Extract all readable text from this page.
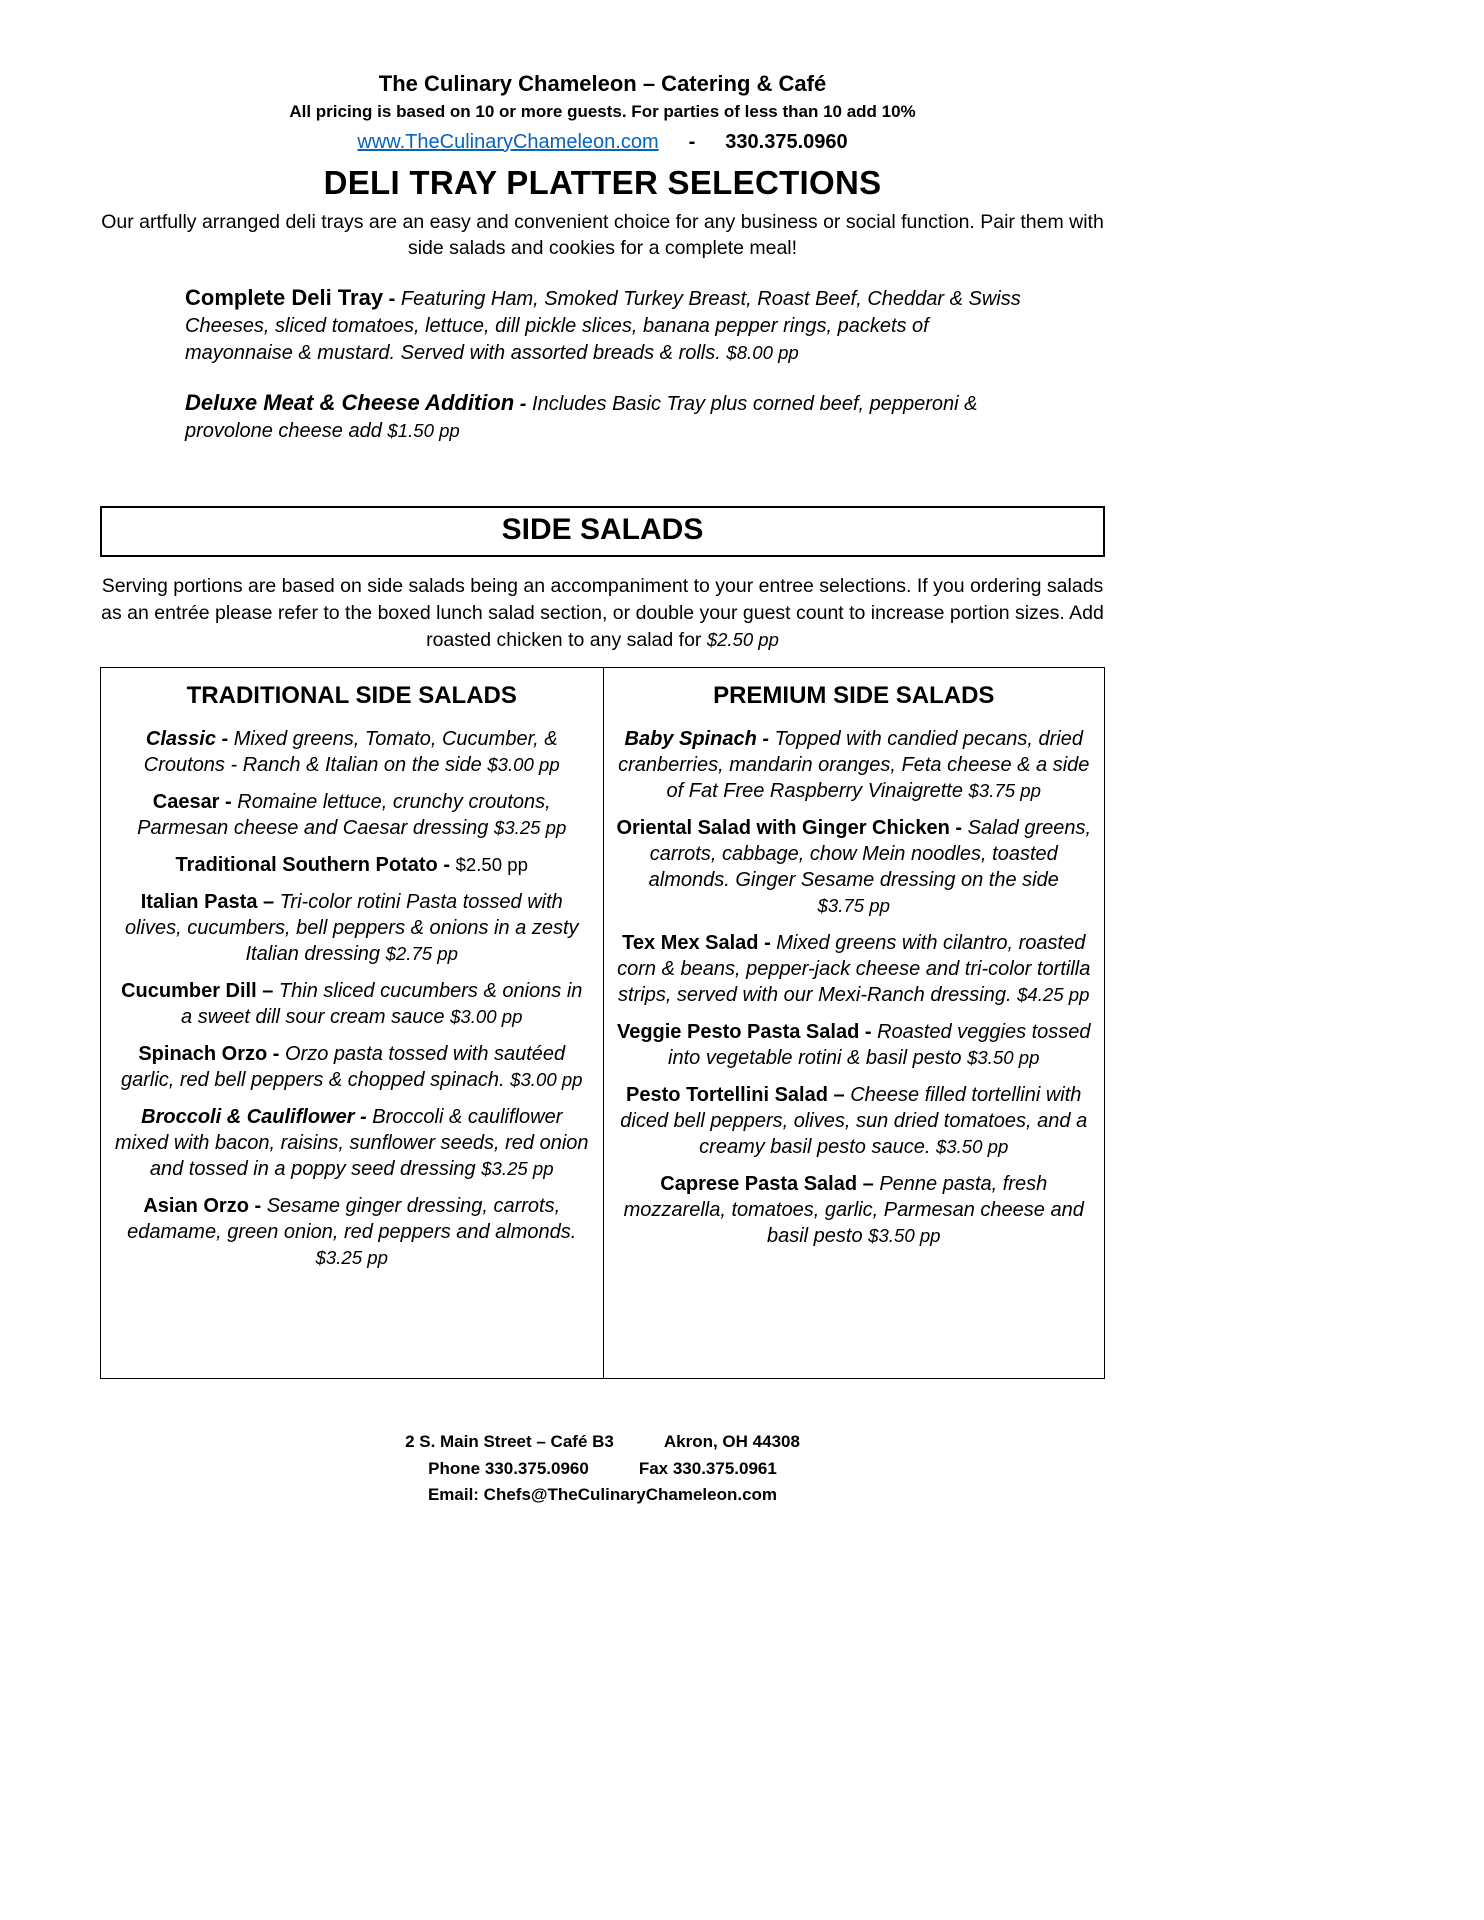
The Culinary Chameleon – Catering & Café

All pricing is based on 10 or more guests. For parties of less than 10 add 10%

www.TheCulinaryChameleon.com - 330.375.0960

DELI TRAY PLATTER SELECTIONS

Our artfully arranged deli trays are an easy and convenient choice for any business or social function. Pair them with side salads and cookies for a complete meal!

Complete Deli Tray - Featuring Ham, Smoked Turkey Breast, Roast Beef, Cheddar & Swiss Cheeses, sliced tomatoes, lettuce, dill pickle slices, banana pepper rings, packets of mayonnaise & mustard. Served with assorted breads & rolls. $8.00 pp

Deluxe Meat & Cheese Addition - Includes Basic Tray plus corned beef, pepperoni & provolone cheese add $1.50 pp

SIDE SALADS

Serving portions are based on side salads being an accompaniment to your entree selections. If you ordering salads as an entrée please refer to the boxed lunch salad section, or double your guest count to increase portion sizes. Add roasted chicken to any salad for $2.50 pp

TRADITIONAL SIDE SALADS

Classic - Mixed greens, Tomato, Cucumber, & Croutons - Ranch & Italian on the side $3.00 pp

Caesar - Romaine lettuce, crunchy croutons, Parmesan cheese and Caesar dressing $3.25 pp

Traditional Southern Potato - $2.50 pp

Italian Pasta – Tri-color rotini Pasta tossed with olives, cucumbers, bell peppers & onions in a zesty Italian dressing $2.75 pp

Cucumber Dill – Thin sliced cucumbers & onions in a sweet dill sour cream sauce $3.00 pp

Spinach Orzo - Orzo pasta tossed with sautéed garlic, red bell peppers & chopped spinach. $3.00 pp

Broccoli & Cauliflower - Broccoli & cauliflower mixed with bacon, raisins, sunflower seeds, red onion and tossed in a poppy seed dressing $3.25 pp

Asian Orzo - Sesame ginger dressing, carrots, edamame, green onion, red peppers and almonds. $3.25 pp

PREMIUM SIDE SALADS

Baby Spinach - Topped with candied pecans, dried cranberries, mandarin oranges, Feta cheese & a side of Fat Free Raspberry Vinaigrette $3.75 pp

Oriental Salad with Ginger Chicken - Salad greens, carrots, cabbage, chow Mein noodles, toasted almonds. Ginger Sesame dressing on the side $3.75 pp

Tex Mex Salad - Mixed greens with cilantro, roasted corn & beans, pepper-jack cheese and tri-color tortilla strips, served with our Mexi-Ranch dressing. $4.25 pp

Veggie Pesto Pasta Salad - Roasted veggies tossed into vegetable rotini & basil pesto $3.50 pp

Pesto Tortellini Salad – Cheese filled tortellini with diced bell peppers, olives, sun dried tomatoes, and a creamy basil pesto sauce. $3.50 pp

Caprese Pasta Salad – Penne pasta, fresh mozzarella, tomatoes, garlic, Parmesan cheese and basil pesto $3.50 pp

2 S. Main Street – Café B3	Akron, OH 44308

Phone 330.375.0960	Fax 330.375.0961

Email: Chefs@TheCulinaryChameleon.com
